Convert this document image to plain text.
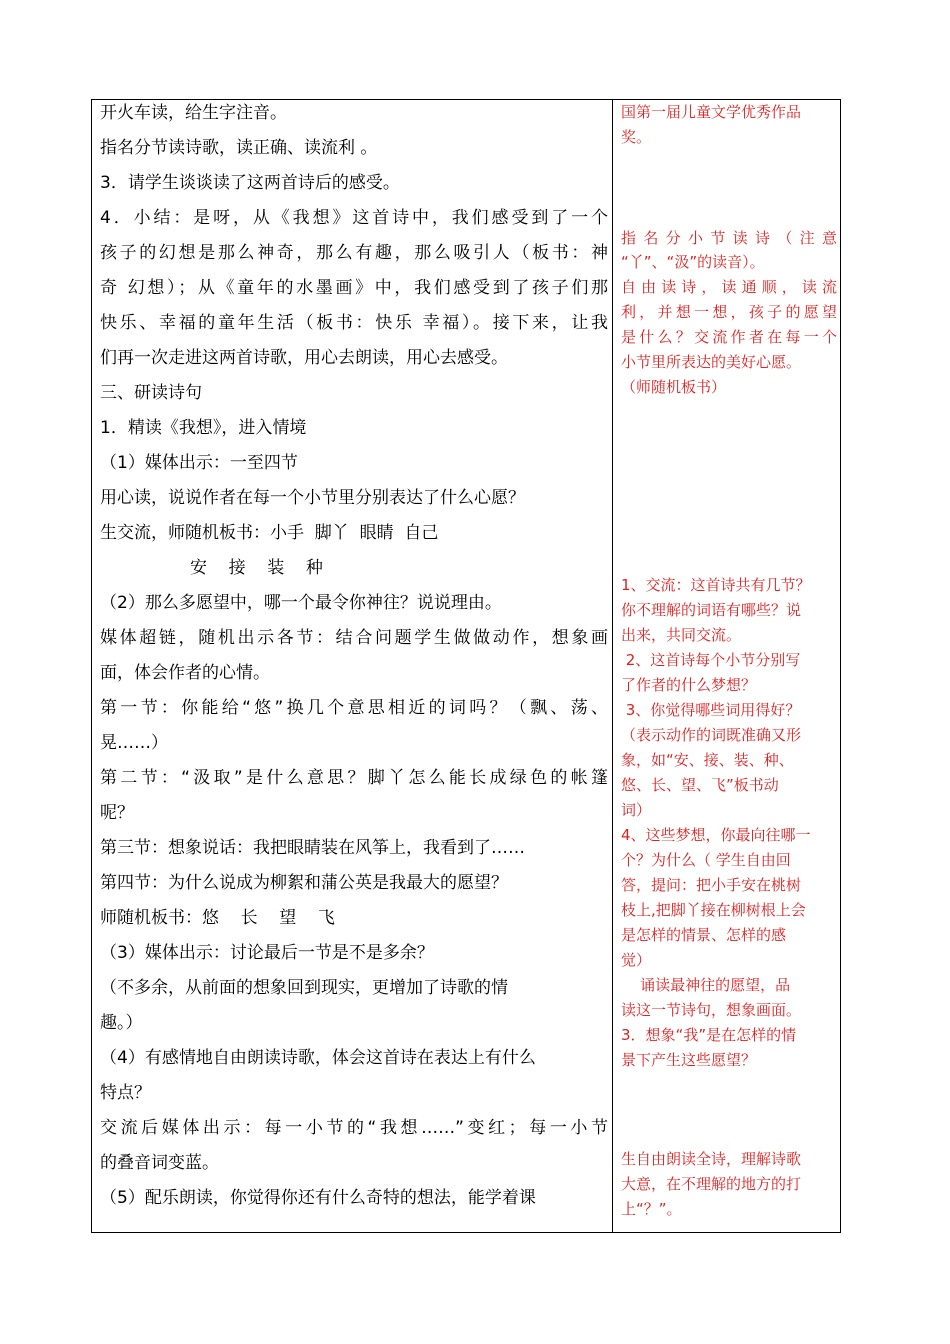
开火车读，给生字注音。
指名分节读诗歌，读正确、读流利 。
3．请学生谈谈读了这两首诗后的感受。
4．小结：是呀，从《我想》这首诗中，我们感受到了一个
孩子的幻想是那么神奇，那么有趣，那么吸引人（板书：神
奇 幻想）；从《童年的水墨画》中，我们感受到了孩子们那
快乐、幸福的童年生活（板书：快乐 幸福）。接下来，让我
们再一次走进这两首诗歌，用心去朗读，用心去感受。
三、研读诗句
1．精读《我想》，进入情境
（1）媒体出示：一至四节
用心读，说说作者在每一个小节里分别表达了什么心愿？
生交流，师随机板书：小手  脚丫  眼睛  自己
安    接    装    种
（2）那么多愿望中，哪一个最令你神往？说说理由。
媒体超链，随机出示各节：结合问题学生做做动作，想象画
面，体会作者的心情。
第一节：你能给“悠”换几个意思相近的词吗？（飘、荡、
晃……）
第二节：“汲取”是什么意思？脚丫怎么能长成绿色的帐篷
呢？
第三节：想象说话：我把眼睛装在风筝上，我看到了……
第四节：为什么说成为柳絮和蒲公英是我最大的愿望？
师随机板书：悠    长    望    飞
（3）媒体出示：讨论最后一节是不是多余？
（不多余，从前面的想象回到现实，更增加了诗歌的情
趣。）
（4）有感情地自由朗读诗歌，体会这首诗在表达上有什么
特点？
交流后媒体出示：每一小节的“我想……”变红；每一小节
的叠音词变蓝。
（5）配乐朗读，你觉得你还有什么奇特的想法，能学着课
国第一届儿童文学优秀作品
奖。
指名分小节读诗（注意
“丫”、“汲”的读音）。
自由读诗，读通顺，读流
利，并想一想，孩子的愿望
是什么？交流作者在每一个
小节里所表达的美好心愿。
（师随机板书）
1、交流：这首诗共有几节？
你不理解的词语有哪些？说
出来，共同交流。
2、这首诗每个小节分别写
了作者的什么梦想？
3、你觉得哪些词用得好？
（表示动作的词既准确又形
象，如“安、接、装、种、
悠、长、望、飞”板书动
词）
4、这些梦想，你最向往哪一
个？为什么（ 学生自由回
答，提问：把小手安在桃树
枝上,把脚丫接在柳树根上会
是怎样的情景、怎样的感
觉）
诵读最神往的愿望，品
读这一节诗句，想象画面。
3．想象“我”是在怎样的情
景下产生这些愿望？
生自由朗读全诗，理解诗歌
大意，在不理解的地方的打
上“？”。
